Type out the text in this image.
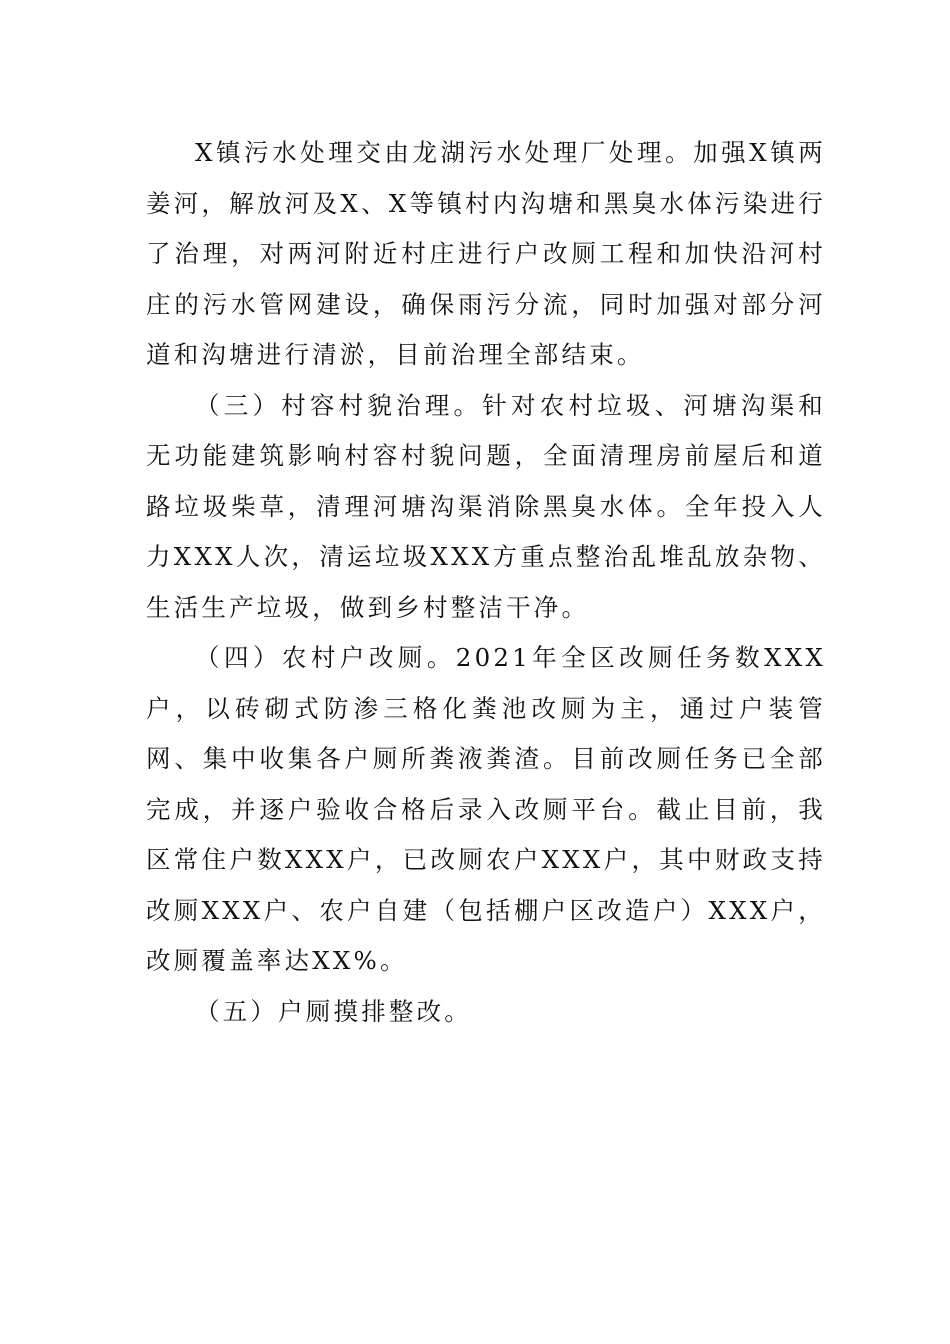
X镇污水处理交由龙湖污水处理厂处理。加强X镇两姜河，解放河及X、X等镇村内沟塘和黑臭水体污染进行了治理，对两河附近村庄进行户改厕工程和加快沿河村庄的污水管网建设，确保雨污分流，同时加强对部分河道和沟塘进行清淤，目前治理全部结束。

（三）村容村貌治理。针对农村垃圾、河塘沟渠和无功能建筑影响村容村貌问题，全面清理房前屋后和道路垃圾柴草，清理河塘沟渠消除黑臭水体。全年投入人力XXX人次，清运垃圾XXX方重点整治乱堆乱放杂物、生活生产垃圾，做到乡村整洁干净。

（四）农村户改厕。2021年全区改厕任务数XXX户，以砖砌式防渗三格化粪池改厕为主，通过户装管网、集中收集各户厕所粪液粪渣。目前改厕任务已全部完成，并逐户验收合格后录入改厕平台。截止目前，我区常住户数XXX户，已改厕农户XXX户，其中财政支持改厕XXX户、农户自建（包括棚户区改造户）XXX户，改厕覆盖率达XX%。

（五）户厕摸排整改。
